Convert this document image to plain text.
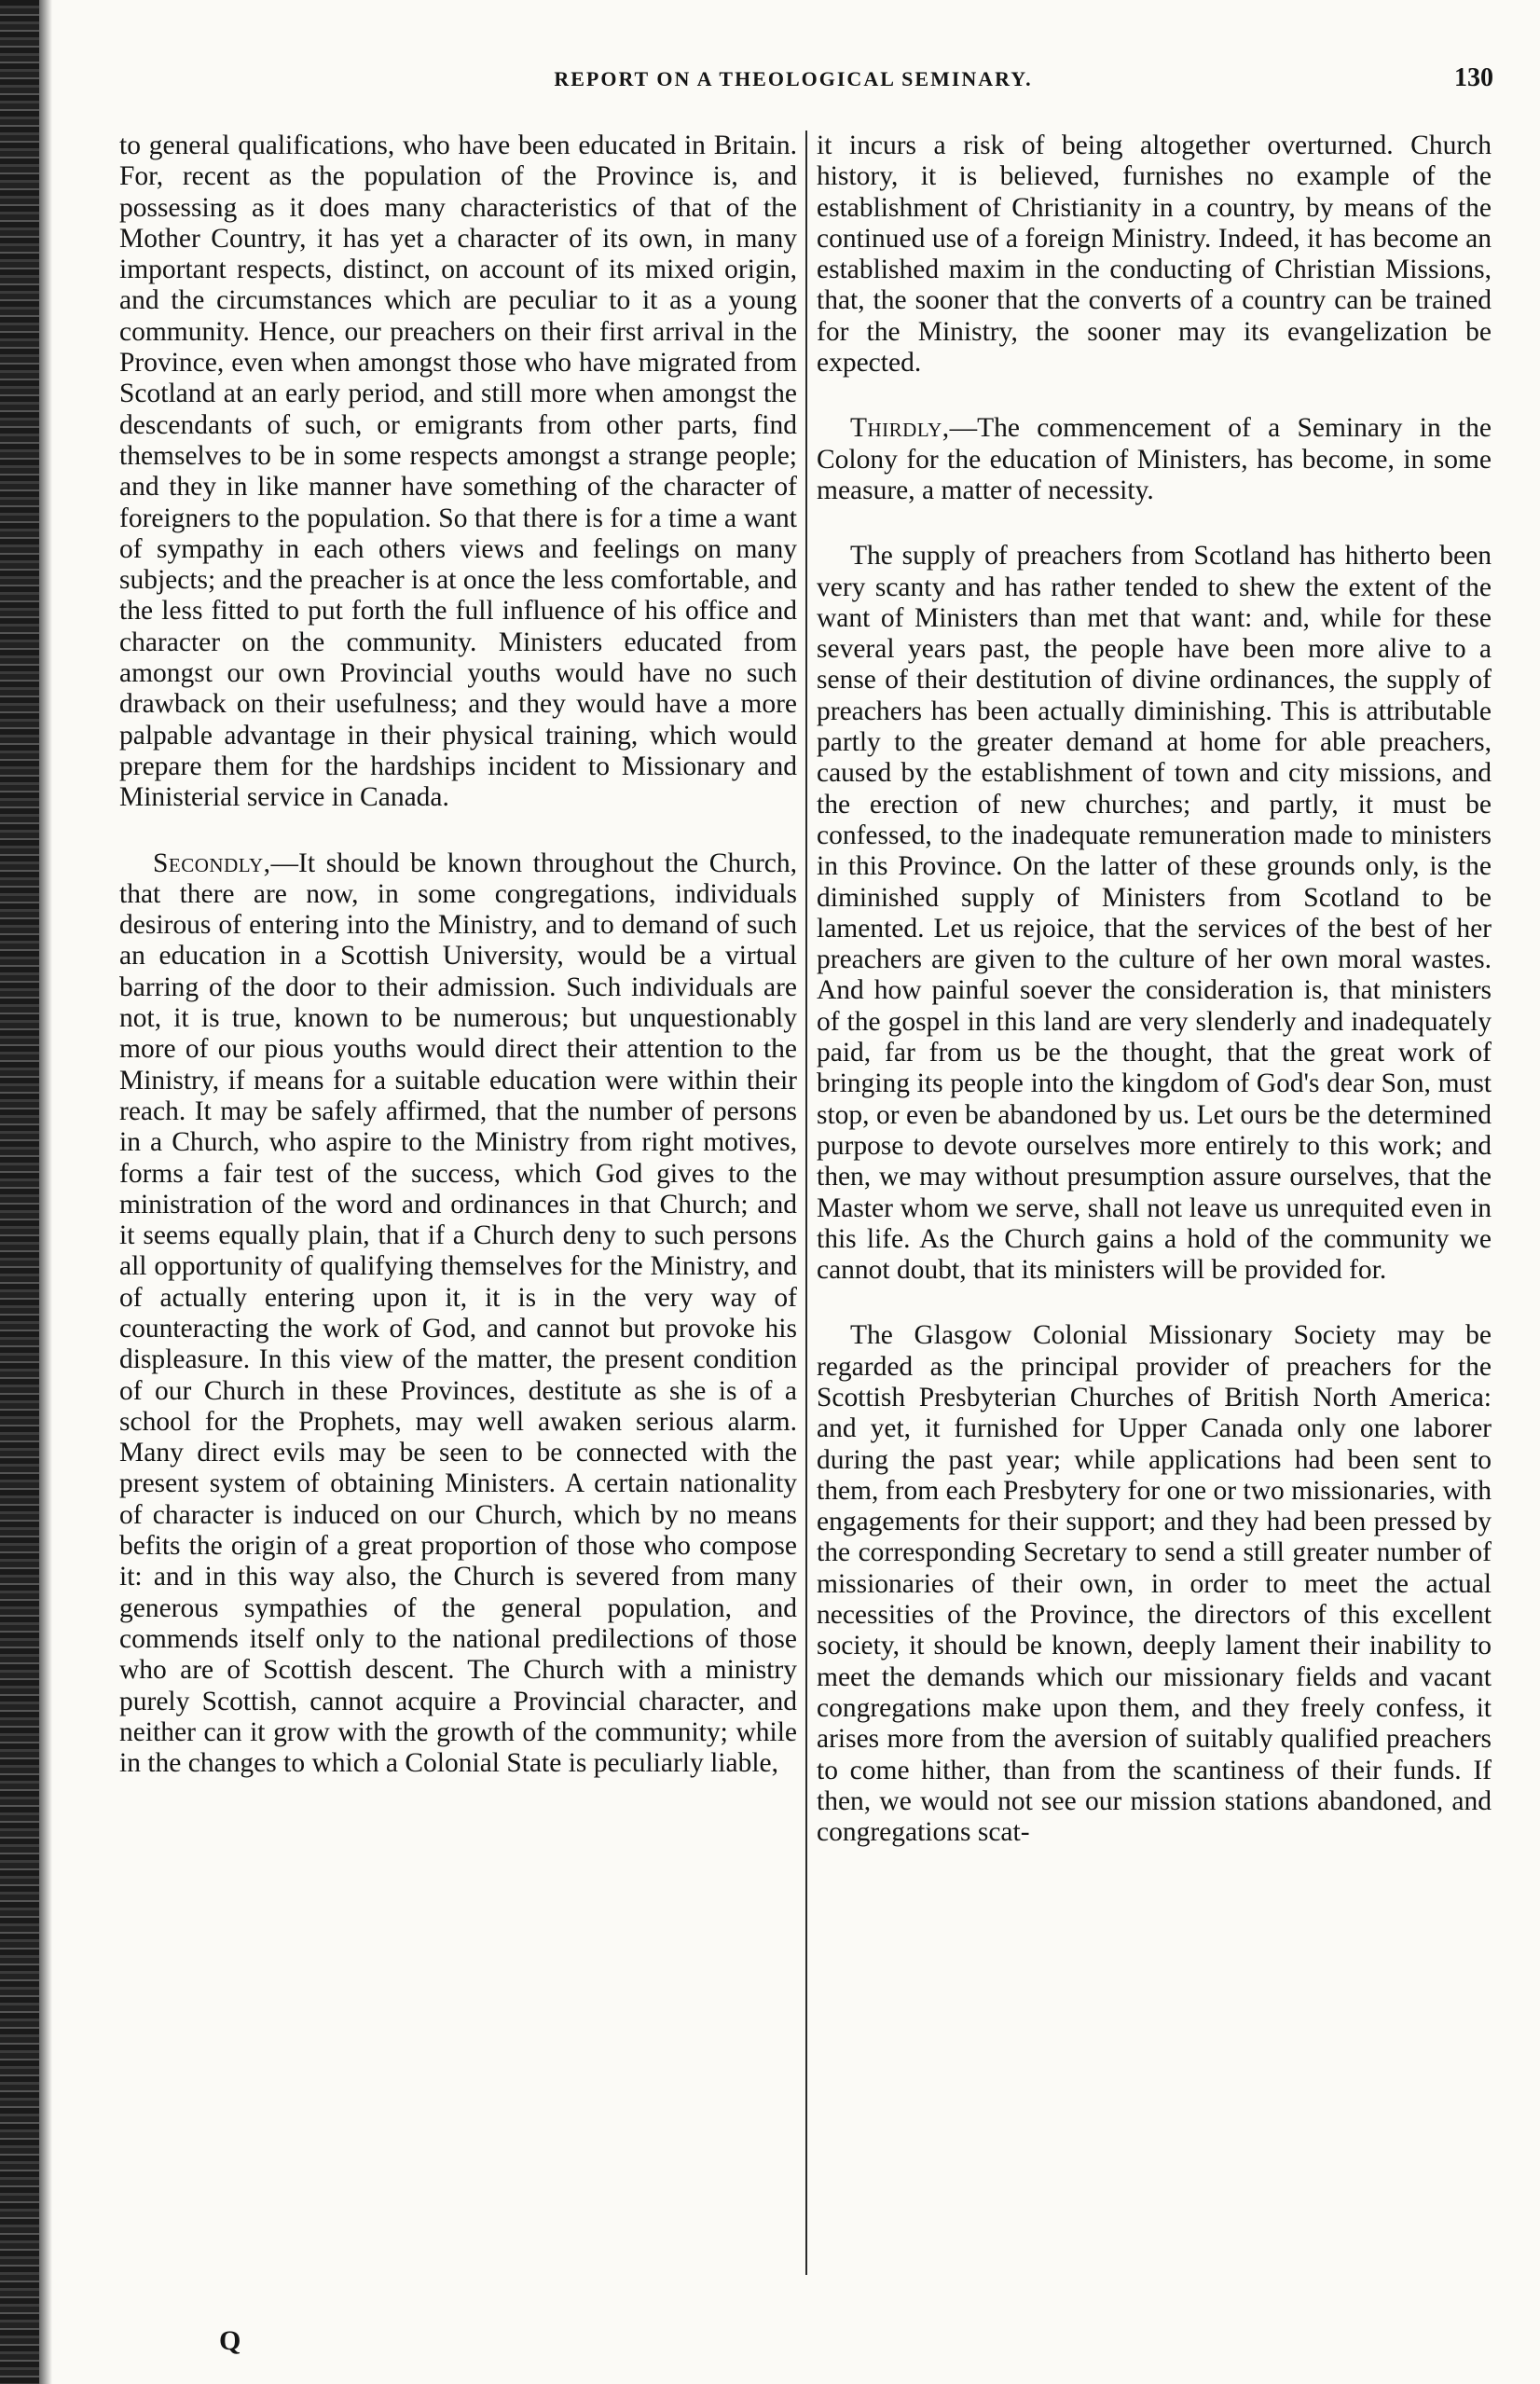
REPORT ON A THEOLOGICAL SEMINARY.	130

to general qualifications, who have been educated in Britain. For, recent as the population of the Province is, and possessing as it does many characteristics of that of the Mother Country, it has yet a character of its own, in many important respects, distinct, on account of its mixed origin, and the circumstances which are peculiar to it as a young community. Hence, our preachers on their first arrival in the Province, even when amongst those who have migrated from Scotland at an early period, and still more when amongst the descendants of such, or emigrants from other parts, find themselves to be in some respects amongst a strange people; and they in like manner have something of the character of foreigners to the population. So that there is for a time a want of sympathy in each others views and feelings on many subjects; and the preacher is at once the less comfortable, and the less fitted to put forth the full influence of his office and character on the community. Ministers educated from amongst our own Provincial youths would have no such drawback on their usefulness; and they would have a more palpable advantage in their physical training, which would prepare them for the hardships incident to Missionary and Ministerial service in Canada.

Secondly,—It should be known throughout the Church, that there are now, in some congregations, individuals desirous of entering into the Ministry, and to demand of such an education in a Scottish University, would be a virtual barring of the door to their admission. Such individuals are not, it is true, known to be numerous; but unquestionably more of our pious youths would direct their attention to the Ministry, if means for a suitable education were within their reach. It may be safely affirmed, that the number of persons in a Church, who aspire to the Ministry from right motives, forms a fair test of the success, which God gives to the ministration of the word and ordinances in that Church; and it seems equally plain, that if a Church deny to such persons all opportunity of qualifying themselves for the Ministry, and of actually entering upon it, it is in the very way of counteracting the work of God, and cannot but provoke his displeasure. In this view of the matter, the present condition of our Church in these Provinces, destitute as she is of a school for the Prophets, may well awaken serious alarm. Many direct evils may be seen to be connected with the present system of obtaining Ministers. A certain nationality of character is induced on our Church, which by no means befits the origin of a great proportion of those who compose it: and in this way also, the Church is severed from many generous sympathies of the general population, and commends itself only to the national predilections of those who are of Scottish descent. The Church with a ministry purely Scottish, cannot acquire a Provincial character, and neither can it grow with the growth of the community; while in the changes to which a Colonial State is peculiarly liable,

it incurs a risk of being altogether overturned. Church history, it is believed, furnishes no example of the establishment of Christianity in a country, by means of the continued use of a foreign Ministry. Indeed, it has become an established maxim in the conducting of Christian Missions, that, the sooner that the converts of a country can be trained for the Ministry, the sooner may its evangelization be expected.

Thirdly,—The commencement of a Seminary in the Colony for the education of Ministers, has become, in some measure, a matter of necessity.

The supply of preachers from Scotland has hitherto been very scanty and has rather tended to shew the extent of the want of Ministers than met that want: and, while for these several years past, the people have been more alive to a sense of their destitution of divine ordinances, the supply of preachers has been actually diminishing. This is attributable partly to the greater demand at home for able preachers, caused by the establishment of town and city missions, and the erection of new churches; and partly, it must be confessed, to the inadequate remuneration made to ministers in this Province. On the latter of these grounds only, is the diminished supply of Ministers from Scotland to be lamented. Let us rejoice, that the services of the best of her preachers are given to the culture of her own moral wastes. And how painful soever the consideration is, that ministers of the gospel in this land are very slenderly and inadequately paid, far from us be the thought, that the great work of bringing its people into the kingdom of God's dear Son, must stop, or even be abandoned by us. Let ours be the determined purpose to devote ourselves more entirely to this work; and then, we may without presumption assure ourselves, that the Master whom we serve, shall not leave us unrequited even in this life. As the Church gains a hold of the community we cannot doubt, that its ministers will be provided for.

The Glasgow Colonial Missionary Society may be regarded as the principal provider of preachers for the Scottish Presbyterian Churches of British North America: and yet, it furnished for Upper Canada only one laborer during the past year; while applications had been sent to them, from each Presbytery for one or two missionaries, with engagements for their support; and they had been pressed by the corresponding Secretary to send a still greater number of missionaries of their own, in order to meet the actual necessities of the Province, the directors of this excellent society, it should be known, deeply lament their inability to meet the demands which our missionary fields and vacant congregations make upon them, and they freely confess, it arises more from the aversion of suitably qualified preachers to come hither, than from the scantiness of their funds. If then, we would not see our mission stations abandoned, and congregations scat-

Q
